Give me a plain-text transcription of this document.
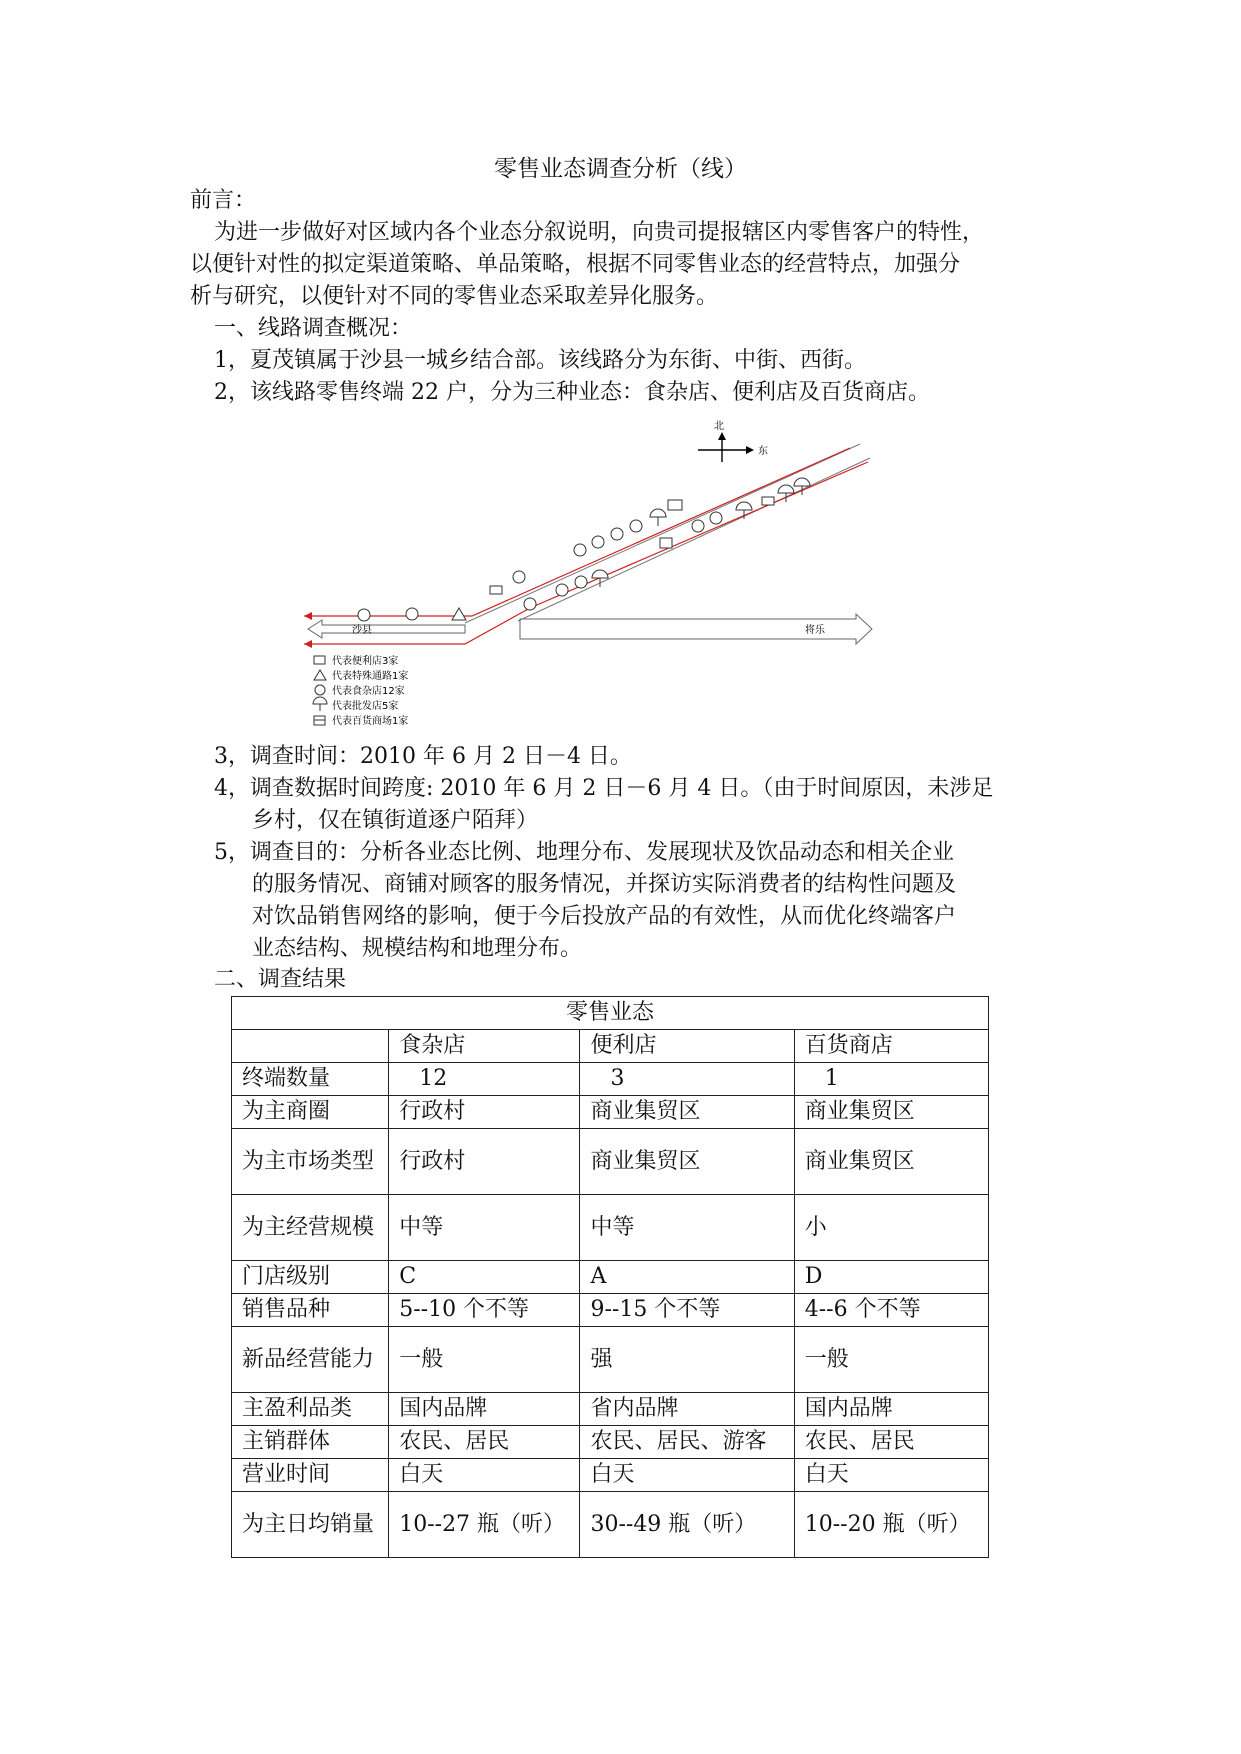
零售业态调查分析（线）
前言：
为进一步做好对区域内各个业态分叙说明，向贵司提报辖区内零售客户的特性，
以便针对性的拟定渠道策略、单品策略，根据不同零售业态的经营特点，加强分
析与研究，以便针对不同的零售业态采取差异化服务。
一、线路调查概况：
1，夏茂镇属于沙县一城乡结合部。该线路分为东街、中街、西街。
2，该线路零售终端 22 户，分为三种业态：食杂店、便利店及百货商店。
北
东
沙县	将乐
代表便利店3家
代表特殊通路1家
代表食杂店12家
代表批发店5家
代表百货商场1家
3，调查时间：2010 年 6 月 2 日－4 日。
4，调查数据时间跨度: 2010 年 6 月 2 日－6 月 4 日。（由于时间原因，未涉足
乡村，仅在镇街道逐户陌拜）
5，调查目的：分析各业态比例、地理分布、发展现状及饮品动态和相关企业
的服务情况、商铺对顾客的服务情况，并探访实际消费者的结构性问题及
对饮品销售网络的影响，便于今后投放产品的有效性，从而优化终端客户
业态结构、规模结构和地理分布。
二、调查结果
零售业态			
	食杂店	便利店	百货商店
终端数量	12	3	1
为主商圈	行政村	商业集贸区	商业集贸区
为主市场类型	行政村	商业集贸区	商业集贸区
为主经营规模	中等	中等	小
门店级别	C	A	D
销售品种	5--10 个不等	9--15 个不等	4--6 个不等
新品经营能力	一般	强	一般
主盈利品类	国内品牌	省内品牌	国内品牌
主销群体	农民、居民	农民、居民、游客	农民、居民
营业时间	白天	白天	白天
为主日均销量	10--27 瓶（听）	30--49 瓶（听）	10--20 瓶（听）
